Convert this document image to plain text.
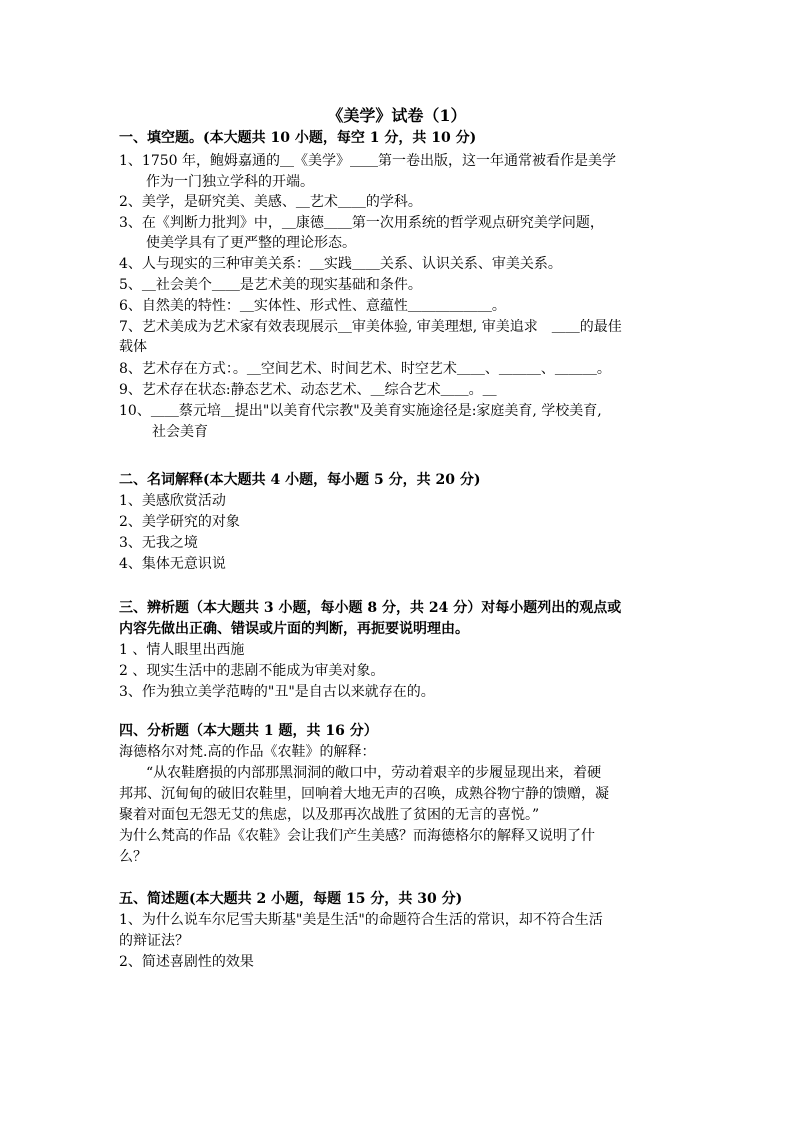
《美学》试卷（1）
一、填空题。(本大题共 10 小题，每空 1 分，共 10 分)
1、1750 年，鲍姆嘉通的＿《美学》＿＿第一卷出版，这一年通常被看作是美学
作为一门独立学科的开端。
2、美学，是研究美、美感、＿艺术＿＿的学科。
3、在《判断力批判》中，＿康德＿＿第一次用系统的哲学观点研究美学问题，
使美学具有了更严整的理论形态。
4、人与现实的三种审美关系：＿实践＿＿关系、认识关系、审美关系。
5、＿社会美个＿＿是艺术美的现实基础和条件。
6、自然美的特性：＿实体性、形式性、意蕴性＿＿＿＿＿＿。
7、艺术美成为艺术家有效表现展示＿审美体验, 审美理想, 审美追求　＿＿的最佳
载体
8、艺术存在方式：。＿空间艺术、时间艺术、时空艺术＿＿、＿＿＿、＿＿＿。
9、艺术存在状态:静态艺术、动态艺术、＿综合艺术＿＿。＿
10、＿＿蔡元培＿提出"以美育代宗教"及美育实施途径是:家庭美育, 学校美育,
社会美育
二、名词解释(本大题共 4 小题，每小题 5 分，共 20 分)
1、美感欣赏活动
2、美学研究的对象
3、无我之境
4、集体无意识说
三、辨析题（本大题共 3 小题，每小题 8 分，共 24 分）对每小题列出的观点或
内容先做出正确、错误或片面的判断，再扼要说明理由。
1 、情人眼里出西施
2 、现实生活中的悲剧不能成为审美对象。
3、作为独立美学范畴的"丑"是自古以来就存在的。
四、分析题（本大题共 1 题，共 16 分）
海德格尔对梵.高的作品《农鞋》的解释：
“从农鞋磨损的内部那黑洞洞的敞口中，劳动着艰辛的步履显现出来，着硬
邦邦、沉甸甸的破旧农鞋里，回响着大地无声的召唤，成熟谷物宁静的馈赠，凝
聚着对面包无怨无艾的焦虑，以及那再次战胜了贫困的无言的喜悦。”
为什么梵高的作品《农鞋》会让我们产生美感？而海德格尔的解释又说明了什
么？
五、简述题(本大题共 2 小题，每题 15 分，共 30 分)
1、为什么说车尔尼雪夫斯基"美是生活"的命题符合生活的常识，却不符合生活
的辩证法？
2、简述喜剧性的效果
